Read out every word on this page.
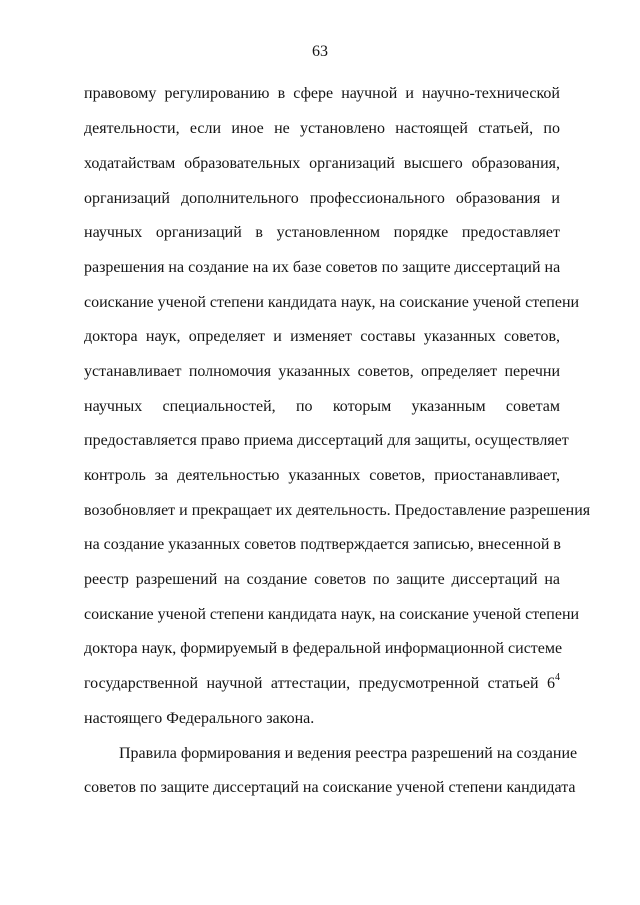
63
правовому регулированию в сфере научной и научно-технической
деятельности, если иное не установлено настоящей статьей, по
ходатайствам образовательных организаций высшего образования,
организаций дополнительного профессионального образования и
научных организаций в установленном порядке предоставляет
разрешения на создание на их базе советов по защите диссертаций на
соискание ученой степени кандидата наук, на соискание ученой степени
доктора наук, определяет и изменяет составы указанных советов,
устанавливает полномочия указанных советов, определяет перечни
научных специальностей, по которым указанным советам
предоставляется право приема диссертаций для защиты, осуществляет
контроль за деятельностью указанных советов, приостанавливает,
возобновляет и прекращает их деятельность. Предоставление разрешения
на создание указанных советов подтверждается записью, внесенной в
реестр разрешений на создание советов по защите диссертаций на
соискание ученой степени кандидата наук, на соискание ученой степени
доктора наук, формируемый в федеральной информационной системе
государственной научной аттестации, предусмотренной статьей $6^4$
настоящего Федерального закона.
Правила формирования и ведения реестра разрешений на создание
советов по защите диссертаций на соискание ученой степени кандидата
